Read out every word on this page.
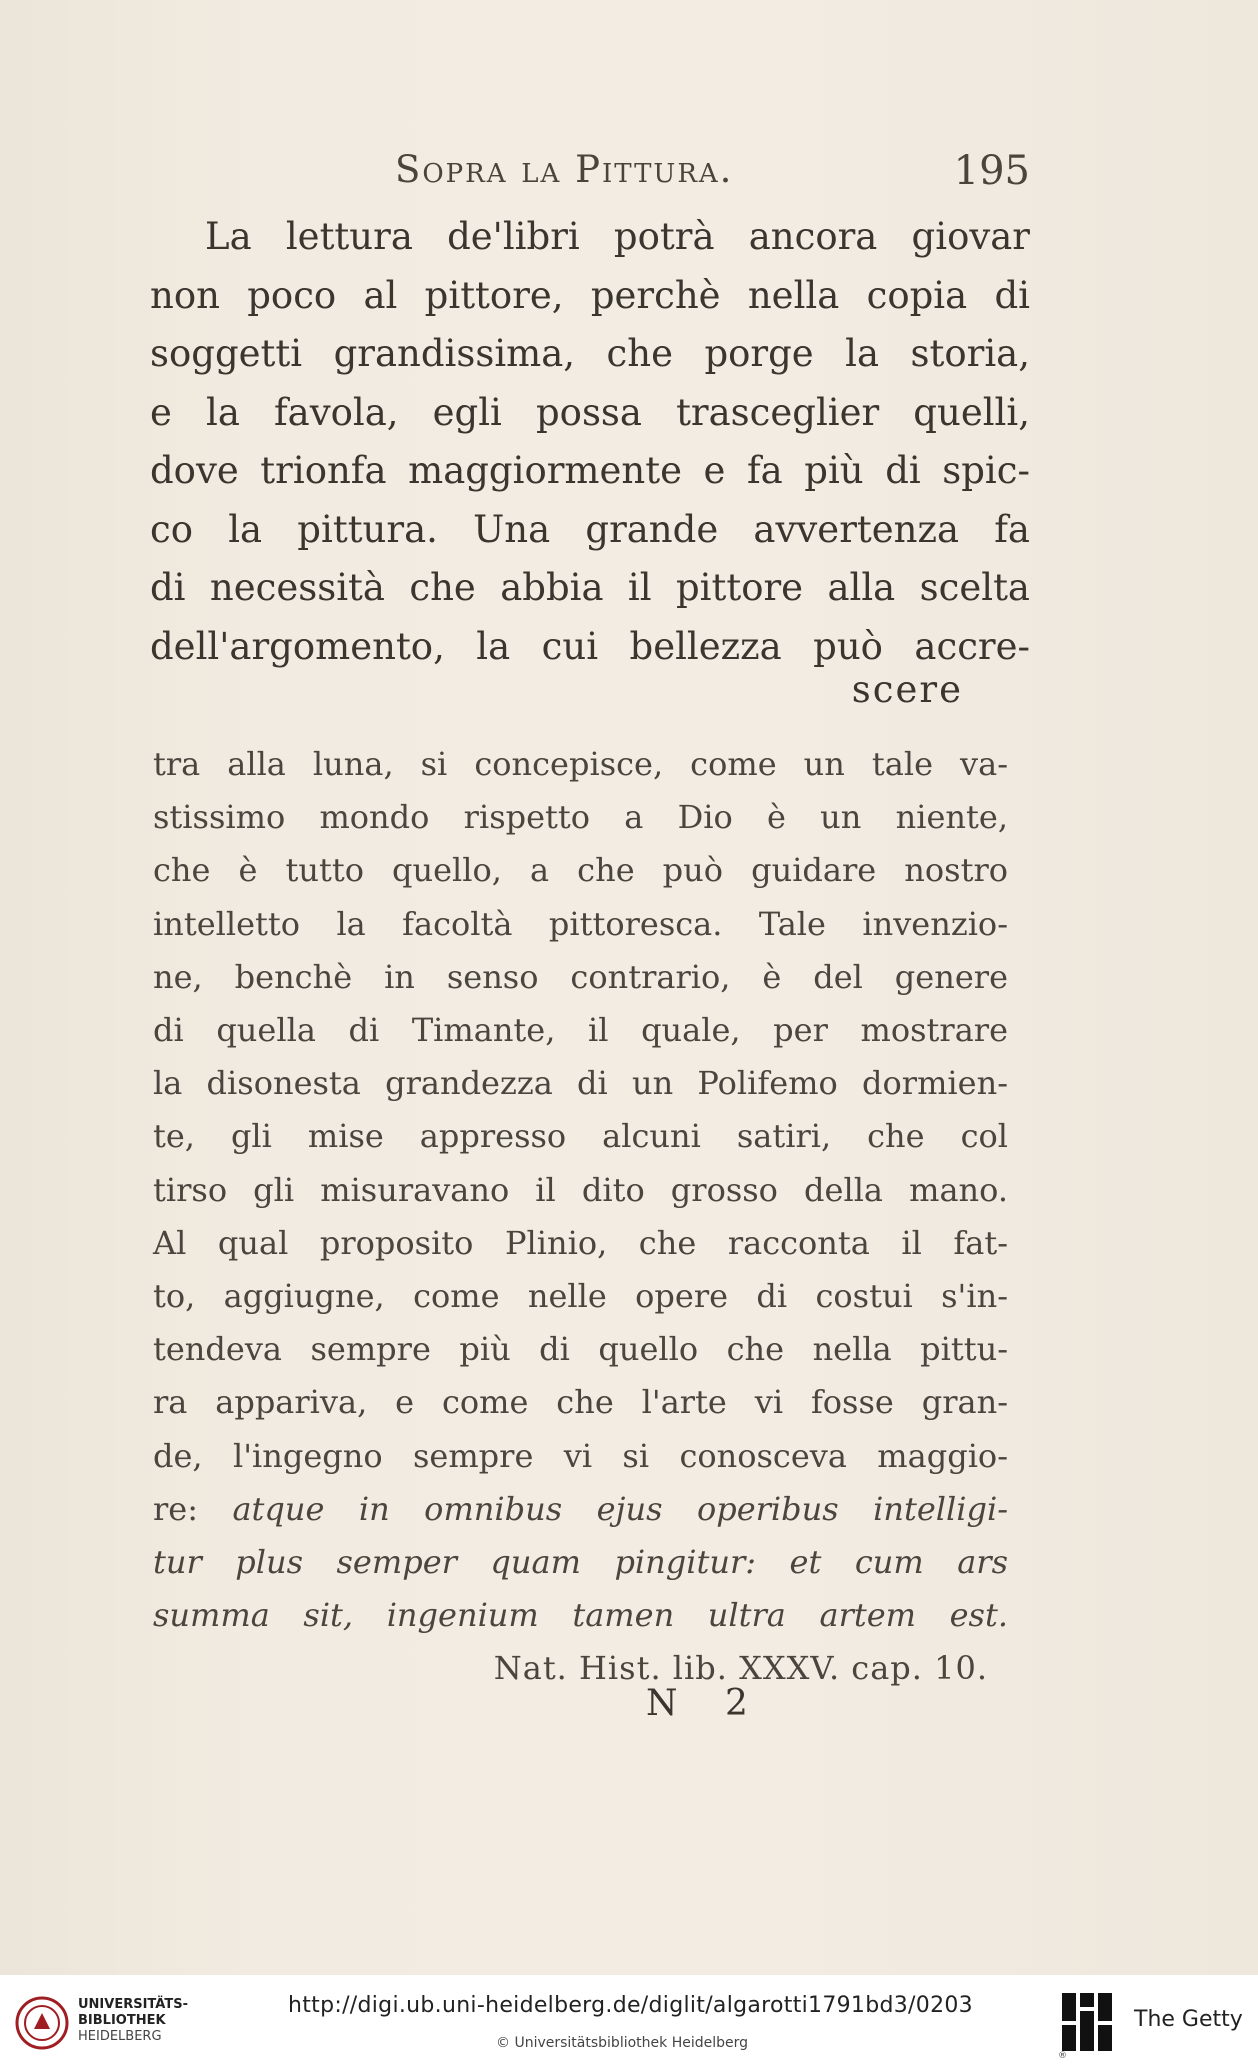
Sopra la Pittura.	195
La lettura de'libri potrà ancora giovar
non poco al pittore, perchè nella copia di
soggetti grandissima, che porge la storia,
e la favola, egli possa trasceglier quelli,
dove trionfa maggiormente e fa più di spic-
co la pittura. Una grande avvertenza fa
di necessità che abbia il pittore alla scelta
dell'argomento, la cui bellezza può accre-
scere
tra alla luna, si concepisce, come un tale va-
stissimo mondo rispetto a Dio è un niente,
che è tutto quello, a che può guidare nostro
intelletto la facoltà pittoresca. Tale invenzio-
ne, benchè in senso contrario, è del genere
di quella di Timante, il quale, per mostrare
la disonesta grandezza di un Polifemo dormien-
te, gli mise appresso alcuni satiri, che col
tirso gli misuravano il dito grosso della mano.
Al qual proposito Plinio, che racconta il fat-
to, aggiugne, come nelle opere di costui s'in-
tendeva sempre più di quello che nella pittu-
ra appariva, e come che l'arte vi fosse gran-
de, l'ingegno sempre vi si conosceva maggio-
re: atque in omnibus ejus operibus intelligi-
tur plus semper quam pingitur: et cum ars
summa sit, ingenium tamen ultra artem est.
Nat. Hist. lib. XXXV. cap. 10.
N 2
UNIVERSITÄTS-
BIBLIOTHEK
HEIDELBERG
http://digi.ub.uni-heidelberg.de/diglit/algarotti1791bd3/0203
© Universitätsbibliothek Heidelberg
The Getty
®
